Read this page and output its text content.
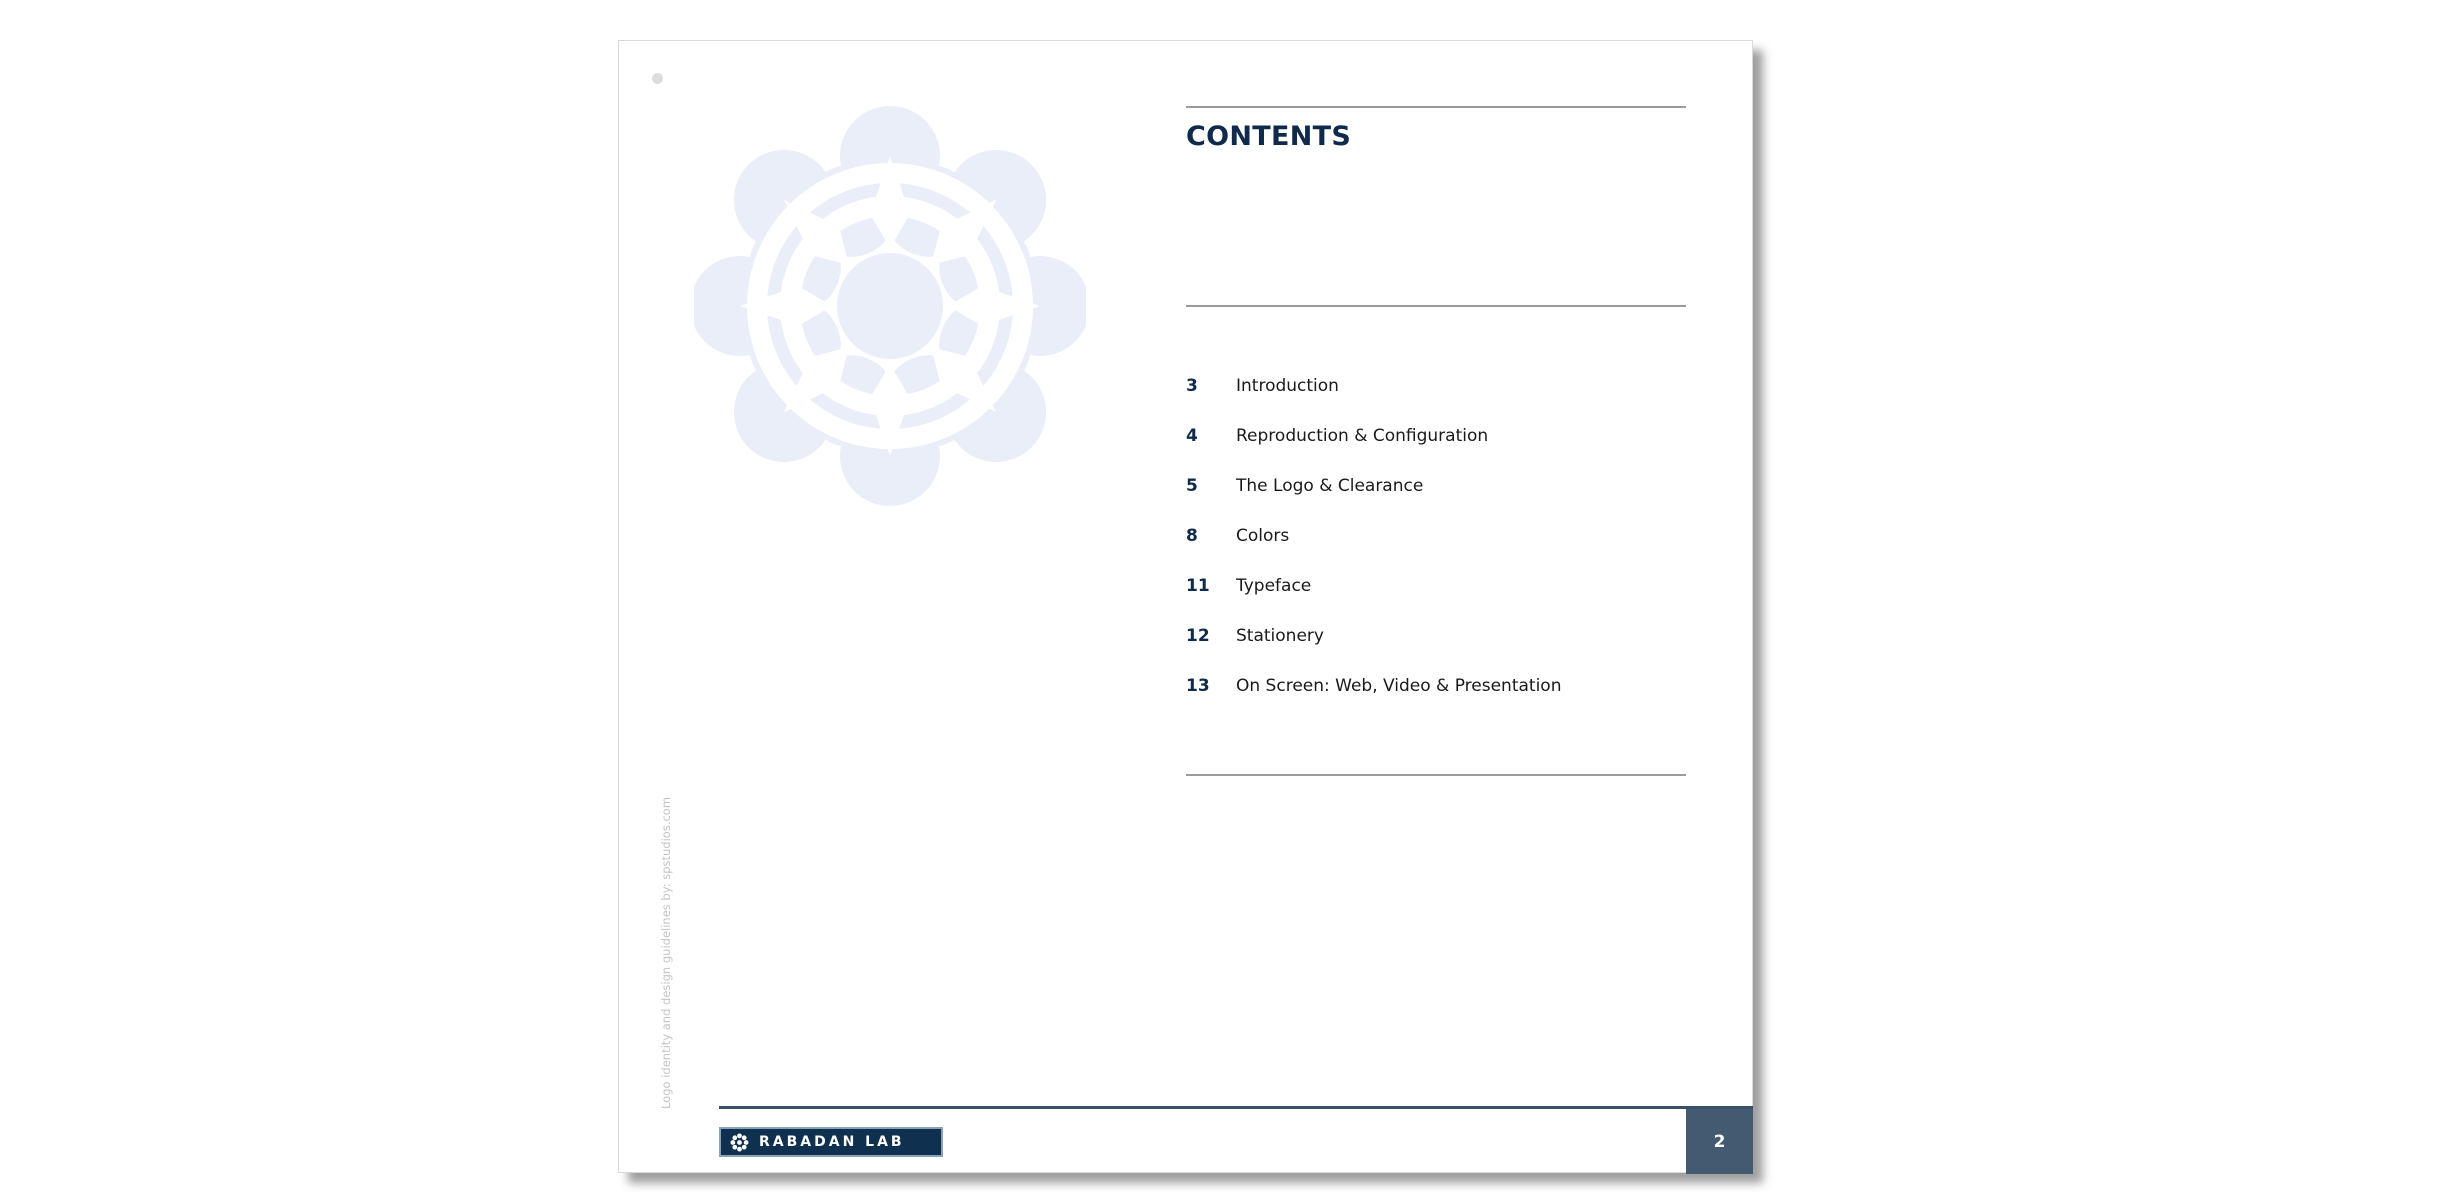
CONTENTS
3	Introduction
4	Reproduction & Configuration
5	The Logo & Clearance
8	Colors
11	Typeface
12	Stationery
13	On Screen: Web, Video & Presentation
Logo identity and design guidelines by: spstudios.com
RABADAN LAB	2
